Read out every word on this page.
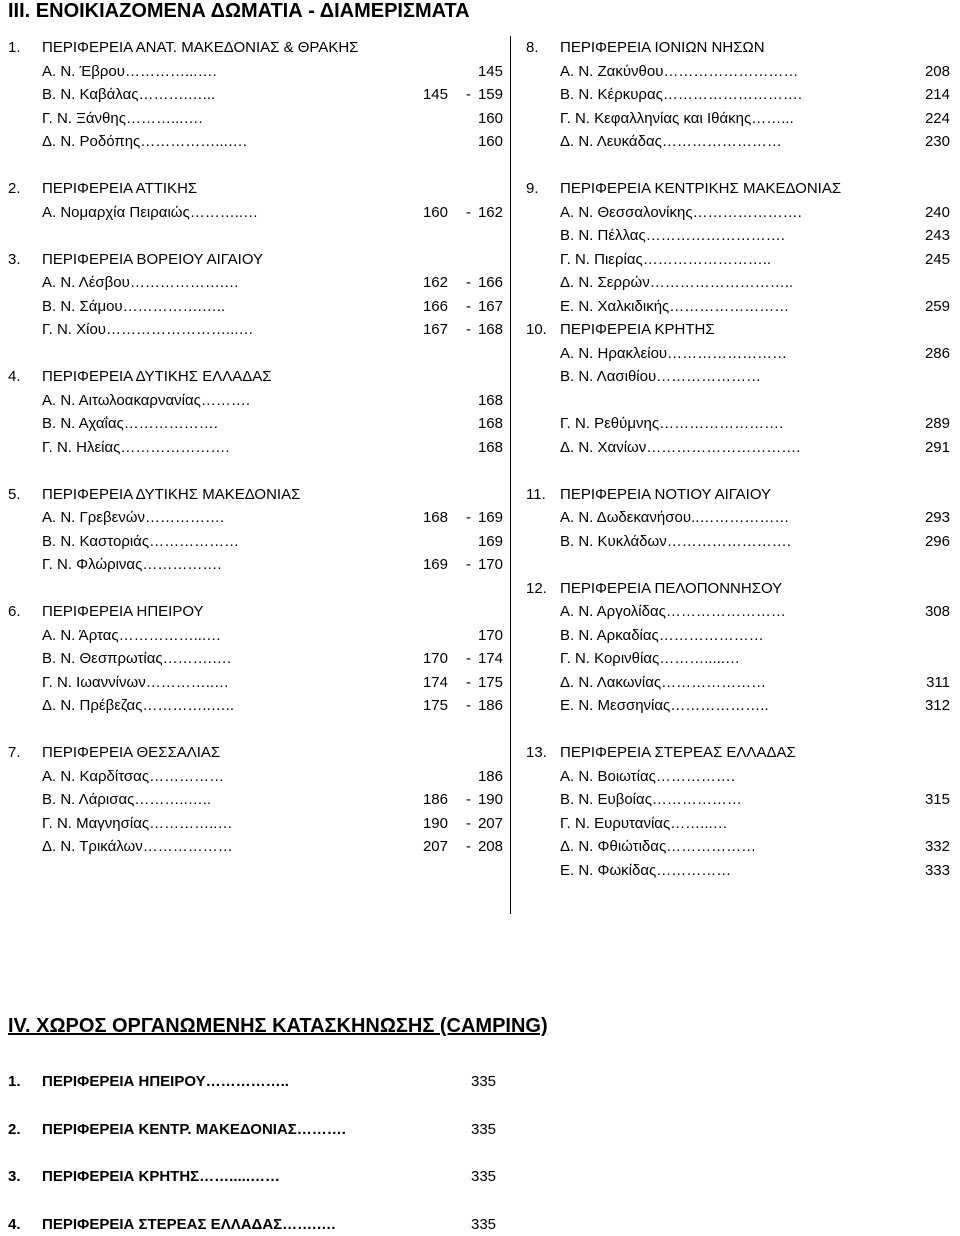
III. ΕΝΟΙΚΙΑΖΟΜΕΝΑ ΔΩΜΑΤΙΑ - ΔΙΑΜΕΡΙΣΜΑΤΑ
1. ΠΕΡΙΦΕΡΕΙΑ ΑΝΑΤ. ΜΑΚΕΔΟΝΙΑΣ & ΘΡΑΚΗΣ
Α. Ν. Έβρου…………...….	145
Β. Ν. Καβάλας……….…...	145 - 159
Γ. Ν. Ξάνθης………...….	160
Δ. Ν. Ροδόπης……………...….	160
2. ΠΕΡΙΦΕΡΕΙΑ ΑΤΤΙΚΗΣ
Α. Νομαρχία Πειραιώς………..…	160 - 162
3. ΠΕΡΙΦΕΡΕΙΑ ΒΟΡΕΙΟΥ ΑΙΓΑΙΟΥ
Α. Ν. Λέσβου……………….…	162 - 166
Β. Ν. Σάμου…………….…..	166 - 167
Γ. Ν. Χίου……………………...…	167 - 168
4. ΠΕΡΙΦΕΡΕΙΑ ΔΥΤΙΚΗΣ ΕΛΛΑΔΑΣ
Α. Ν. Αιτωλοακαρνανίας……….	168
Β. Ν. Αχαΐας……………….	168
Γ. Ν. Ηλείας………………….	168
5. ΠΕΡΙΦΕΡΕΙΑ ΔΥΤΙΚΗΣ ΜΑΚΕΔΟΝΙΑΣ
Α. Ν. Γρεβενών…………….	168 - 169
Β. Ν. Καστοριάς………………	169
Γ. Ν. Φλώρινας…………….	169 - 170
6. ΠΕΡΙΦΕΡΕΙΑ ΗΠΕΙΡΟΥ
Α. Ν. Άρτας……………...…	170
Β. Ν. Θεσπρωτίας……….….	170 - 174
Γ. Ν. Ιωαννίνων…………..…	174 - 175
Δ. Ν. Πρέβεζας…………..…..	175 - 186
7. ΠΕΡΙΦΕΡΕΙΑ ΘΕΣΣΑΛΙΑΣ
Α. Ν. Καρδίτσας……………	186
Β. Ν. Λάρισας………..…..	186 - 190
Γ. Ν. Μαγνησίας…………..…	190 - 207
Δ. Ν. Τρικάλων………………	207 - 208
8. ΠΕΡΙΦΕΡΕΙΑ ΙΟΝΙΩΝ ΝΗΣΩΝ
Α. Ν. Ζακύνθου………………………	208
Β. Ν. Κέρκυρας……………………….	214
Γ. Ν. Κεφαλληνίας και Ιθάκης……...	224
Δ. Ν. Λευκάδας……………………	230
9. ΠΕΡΙΦΕΡΕΙΑ ΚΕΝΤΡΙΚΗΣ ΜΑΚΕΔΟΝΙΑΣ
Α. Ν. Θεσσαλονίκης………………….	240
Β. Ν. Πέλλας……………………….	243
Γ. Ν. Πιερίας……………………..	245
Δ. Ν. Σερρών………………………..
Ε. Ν. Χαλκιδικής……………………	259
10. ΠΕΡΙΦΕΡΕΙΑ ΚΡΗΤΗΣ
Α. Ν. Ηρακλείου……………………	286
Β. Ν. Λασιθίου…………………
Γ. Ν. Ρεθύμνης…………………….	289
Δ. Ν. Χανίων………………………….	291
11. ΠΕΡΙΦΕΡΕΙΑ ΝΟΤΙΟΥ ΑΙΓΑΙΟΥ
Α. Ν. Δωδεκανήσου..………………	293
Β. Ν. Κυκλάδων…………………….	296
12. ΠΕΡΙΦΕΡΕΙΑ ΠΕΛΟΠΟΝΝΗΣΟΥ
Α. Ν. Αργολίδας……………………	308
Β. Ν. Αρκαδίας…………………
Γ. Ν. Κορινθίας……….....…
Δ. Ν. Λακωνίας…………………	311
Ε. Ν. Μεσσηνίας………………..	312
13. ΠΕΡΙΦΕΡΕΙΑ ΣΤΕΡΕΑΣ ΕΛΛΑΔΑΣ
Α. Ν. Βοιωτίας…………….
Β. Ν. Ευβοίας………………	315
Γ. Ν. Ευρυτανίας……...…
Δ. Ν. Φθιώτιδας………………	332
Ε. Ν. Φωκίδας……………	333
IV. ΧΩΡΟΣ ΟΡΓΑΝΩΜΕΝΗΣ ΚΑΤΑΣΚΗΝΩΣΗΣ (CAMPING)
1. ΠΕΡΙΦΕΡΕΙΑ ΗΠΕΙΡΟΥ……………..	335
2. ΠΕΡΙΦΕΡΕΙΑ ΚΕΝΤΡ. ΜΑΚΕΔΟΝΙΑΣ……….	335
3. ΠΕΡΙΦΕΡΕΙΑ ΚΡΗΤΗΣ…….....……	335
4. ΠΕΡΙΦΕΡΕΙΑ ΣΤΕΡΕΑΣ ΕΛΛΑΔΑΣ…….….	335
